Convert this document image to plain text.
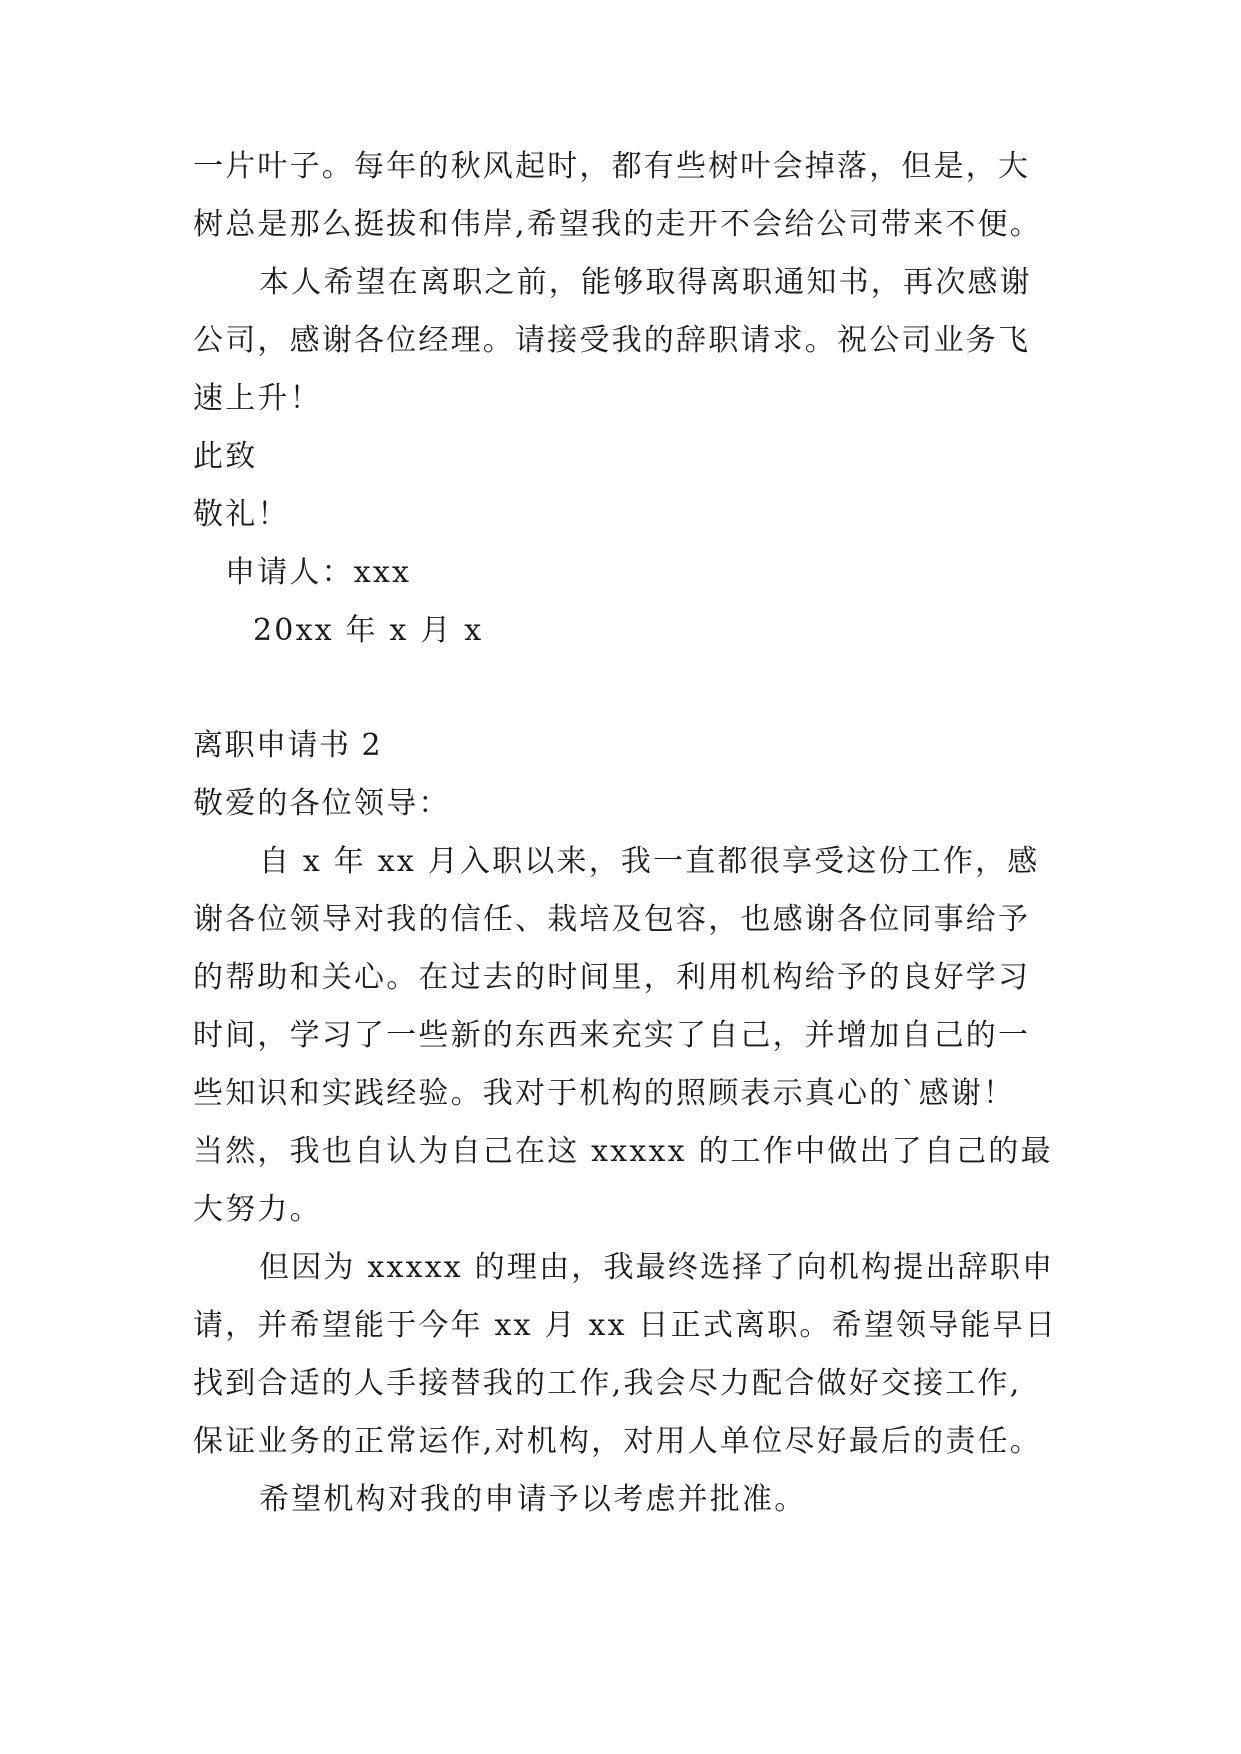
一片叶子。每年的秋风起时，都有些树叶会掉落，但是，大
树总是那么挺拔和伟岸,希望我的走开不会给公司带来不便。
本人希望在离职之前，能够取得离职通知书，再次感谢
公司，感谢各位经理。请接受我的辞职请求。祝公司业务飞
速上升！
此致
敬礼！
申请人：xxx
20xx 年 x 月 x
离职申请书 2
敬爱的各位领导：
自 x 年 xx 月入职以来，我一直都很享受这份工作，感
谢各位领导对我的信任、栽培及包容，也感谢各位同事给予
的帮助和关心。在过去的时间里，利用机构给予的良好学习
时间，学习了一些新的东西来充实了自己，并增加自己的一
些知识和实践经验。我对于机构的照顾表示真心的`感谢！
当然，我也自认为自己在这 xxxxx 的工作中做出了自己的最
大努力。
但因为 xxxxx 的理由，我最终选择了向机构提出辞职申
请，并希望能于今年 xx 月 xx 日正式离职。希望领导能早日
找到合适的人手接替我的工作,我会尽力配合做好交接工作,
保证业务的正常运作,对机构，对用人单位尽好最后的责任。
希望机构对我的申请予以考虑并批准。
